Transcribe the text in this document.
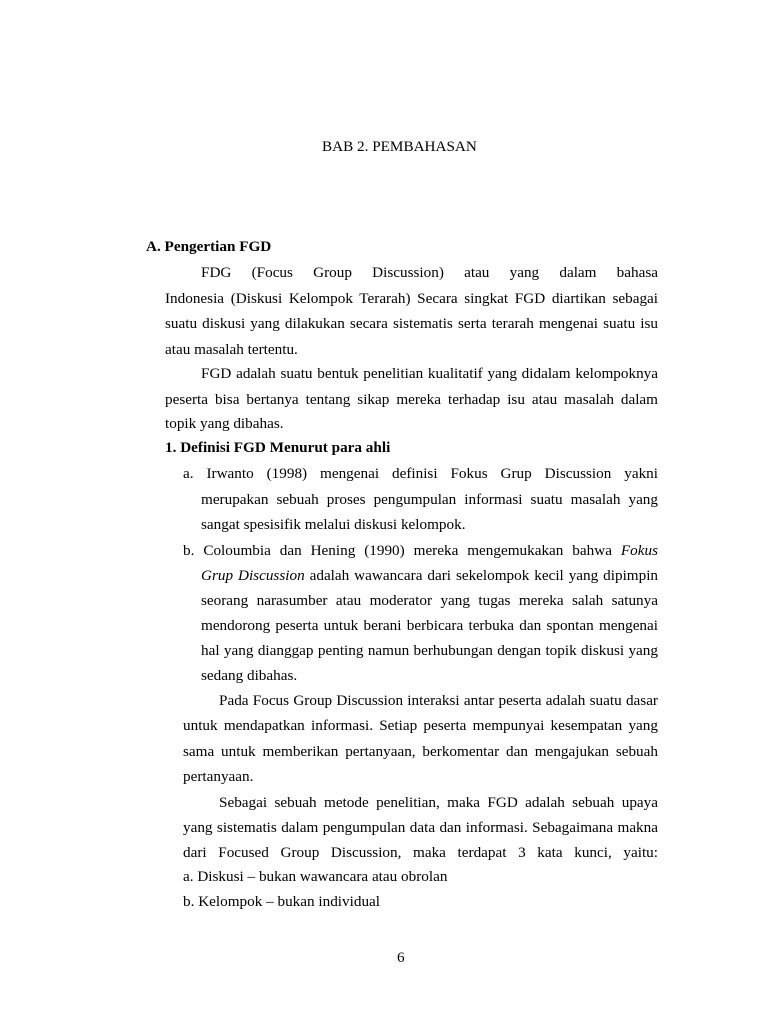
BAB 2. PEMBAHASAN

A. Pengertian FGD

FDG (Focus Group Discussion) atau yang dalam bahasa

Indonesia (Diskusi Kelompok Terarah) Secara singkat FGD diartikan sebagai

suatu diskusi yang dilakukan secara sistematis serta terarah mengenai suatu isu

atau masalah tertentu.

FGD adalah suatu bentuk penelitian kualitatif yang didalam kelompoknya

peserta bisa bertanya tentang sikap mereka terhadap isu atau masalah dalam

topik yang dibahas.

1. Definisi FGD Menurut para ahli

a. Irwanto (1998) mengenai definisi Fokus Grup Discussion yakni

merupakan sebuah proses pengumpulan informasi suatu masalah yang

sangat spesisifik melalui diskusi kelompok.

b. Coloumbia dan Hening (1990) mereka mengemukakan bahwa Fokus

Grup Discussion adalah wawancara dari sekelompok kecil yang dipimpin

seorang narasumber atau moderator yang tugas mereka salah satunya

mendorong peserta untuk berani berbicara terbuka dan spontan mengenai

hal yang dianggap penting namun berhubungan dengan topik diskusi yang

sedang dibahas.

Pada Focus Group Discussion interaksi antar peserta adalah suatu dasar

untuk mendapatkan informasi. Setiap peserta mempunyai kesempatan yang

sama untuk memberikan pertanyaan, berkomentar dan mengajukan sebuah

pertanyaan.

Sebagai sebuah metode penelitian, maka FGD adalah sebuah upaya

yang sistematis dalam pengumpulan data dan informasi. Sebagaimana makna

dari Focused Group Discussion, maka terdapat 3 kata kunci, yaitu:

a. Diskusi – bukan wawancara atau obrolan

b. Kelompok – bukan individual

6
